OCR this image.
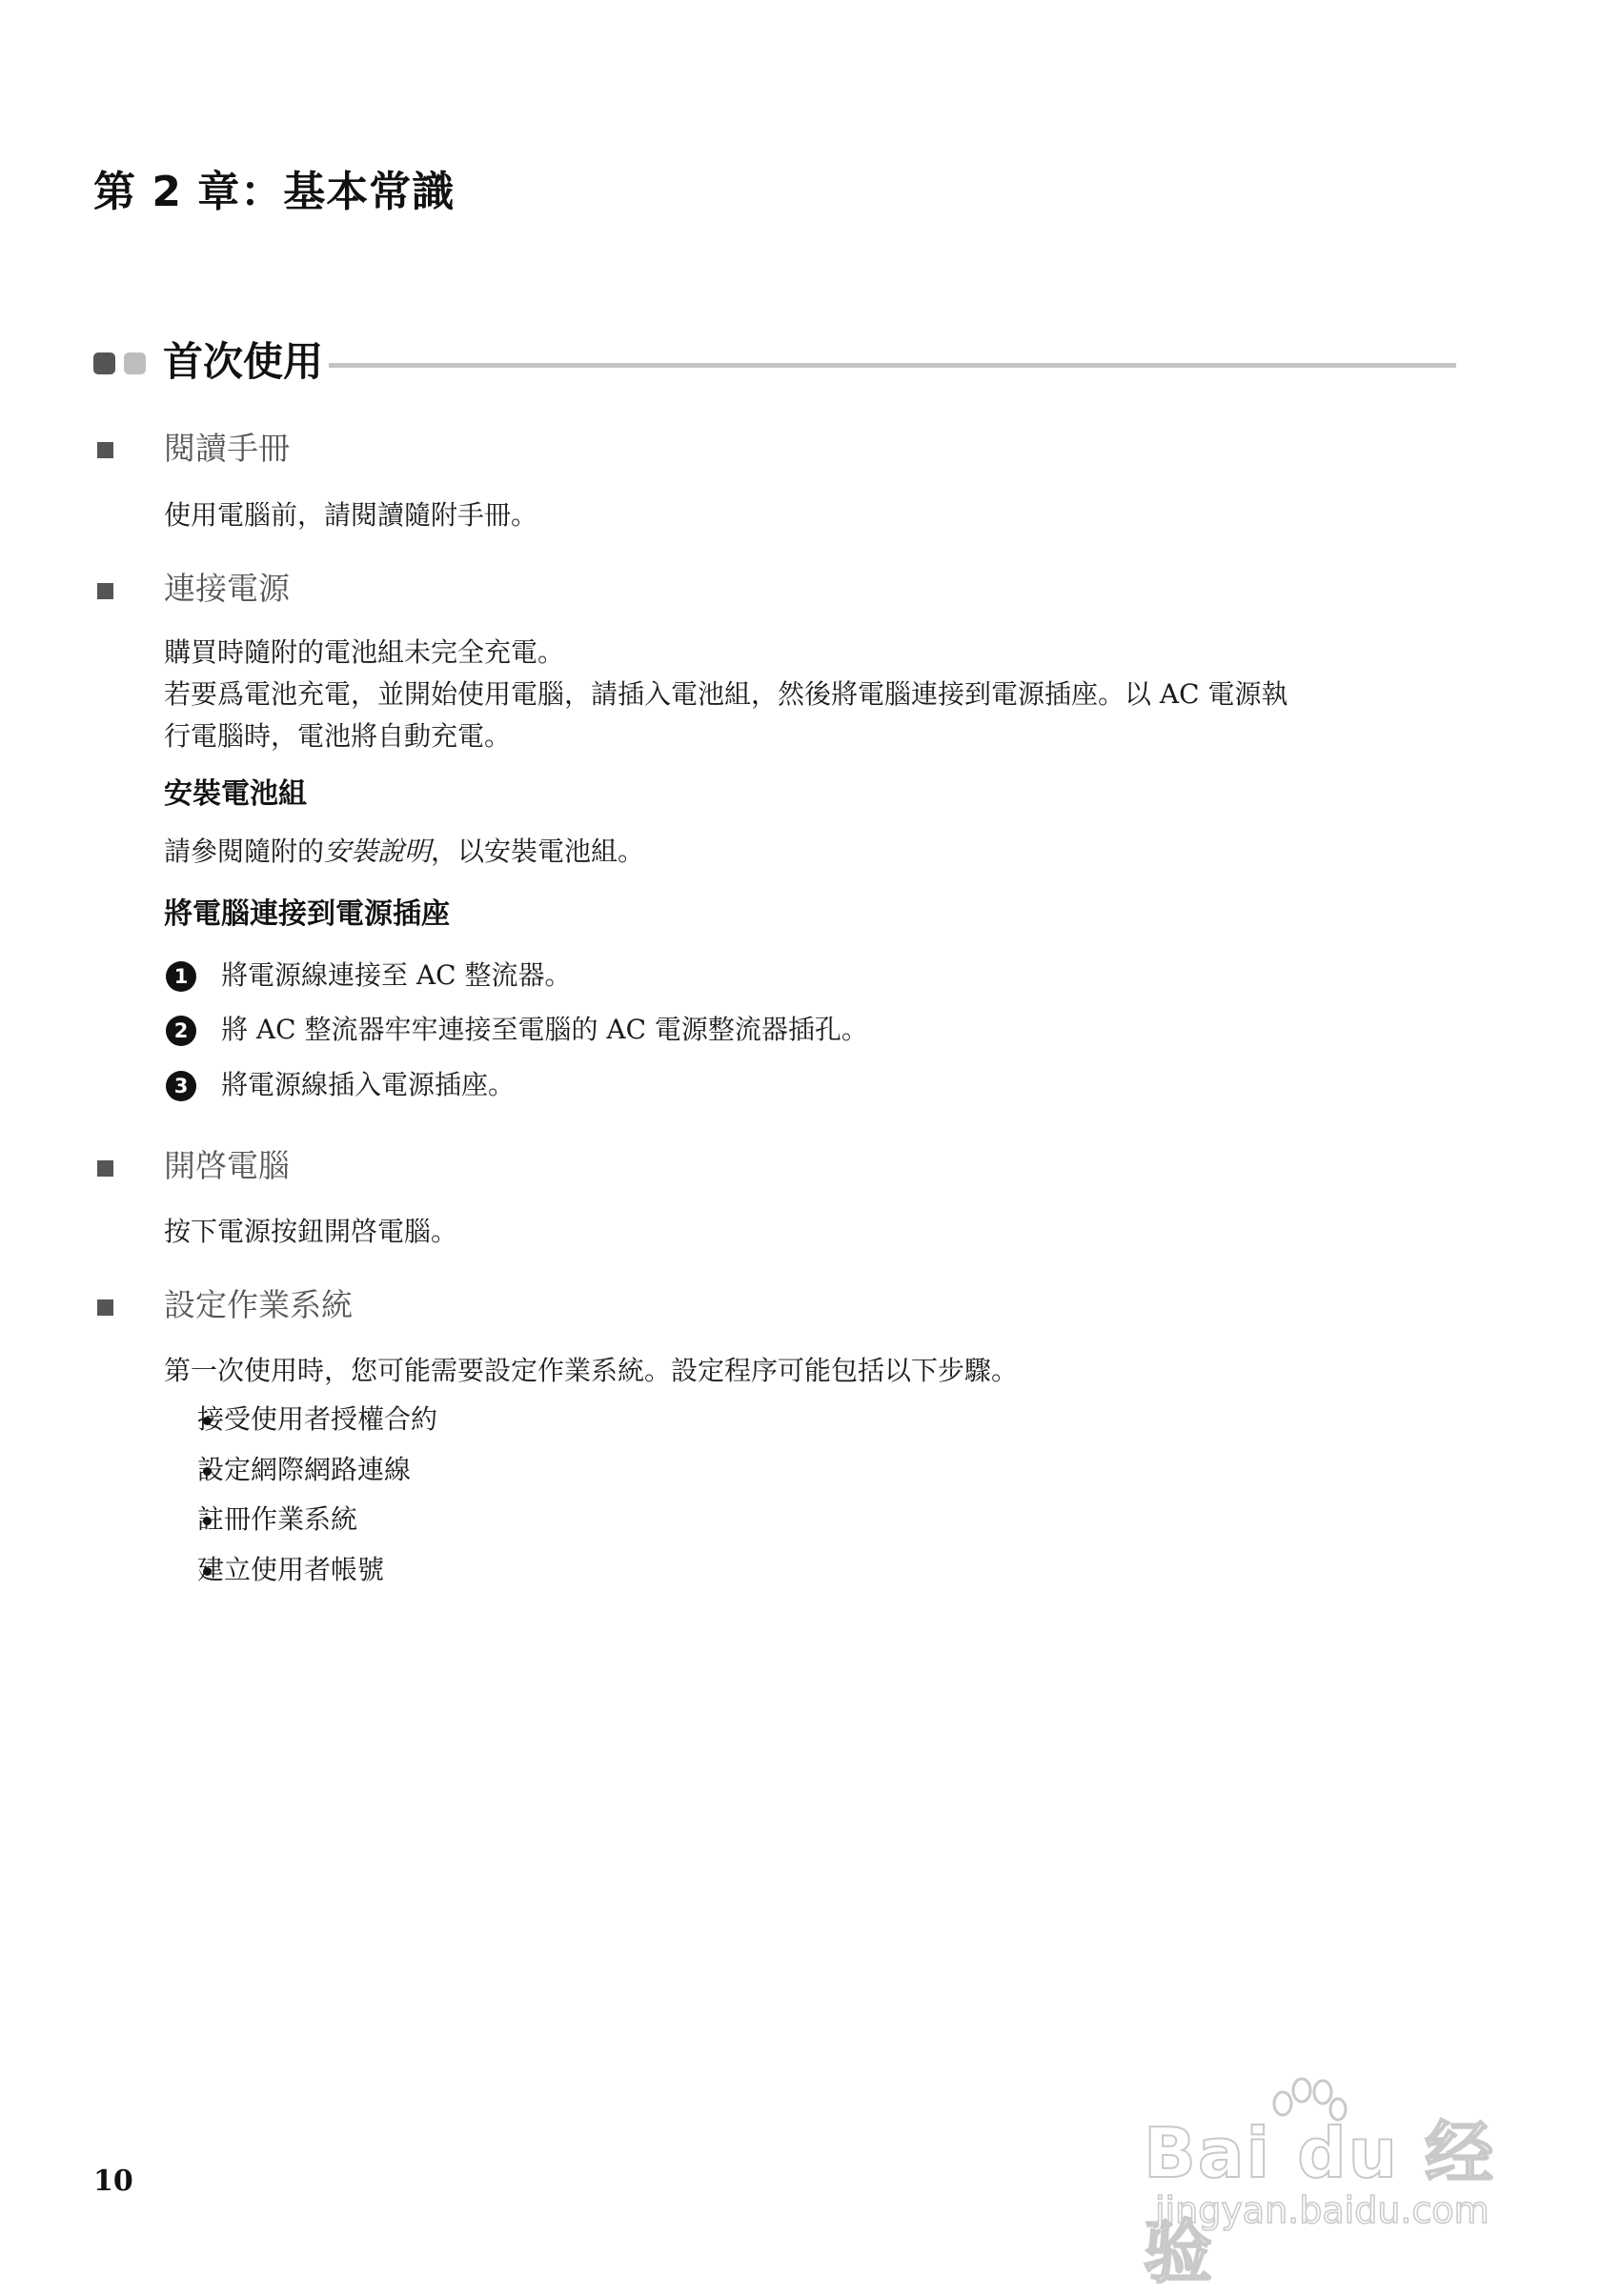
第 2 章：基本常識
首次使用
閱讀手冊
使用電腦前，請閱讀隨附手冊。
連接電源
購買時隨附的電池組未完全充電。
若要爲電池充電，並開始使用電腦，請插入電池組，然後將電腦連接到電源插座。以 AC 電源執
行電腦時，電池將自動充電。
安裝電池組
請參閱隨附的安裝說明，以安裝電池組。
將電腦連接到電源插座
1	將電源線連接至 AC 整流器。
2	將 AC 整流器牢牢連接至電腦的 AC 電源整流器插孔。
3	將電源線插入電源插座。
開啓電腦
按下電源按鈕開啓電腦。
設定作業系統
第一次使用時，您可能需要設定作業系統。設定程序可能包括以下步驟。
接受使用者授權合約
設定網際網路連線
註冊作業系統
建立使用者帳號
10	Bai du 经验
jingyan.baidu.com
